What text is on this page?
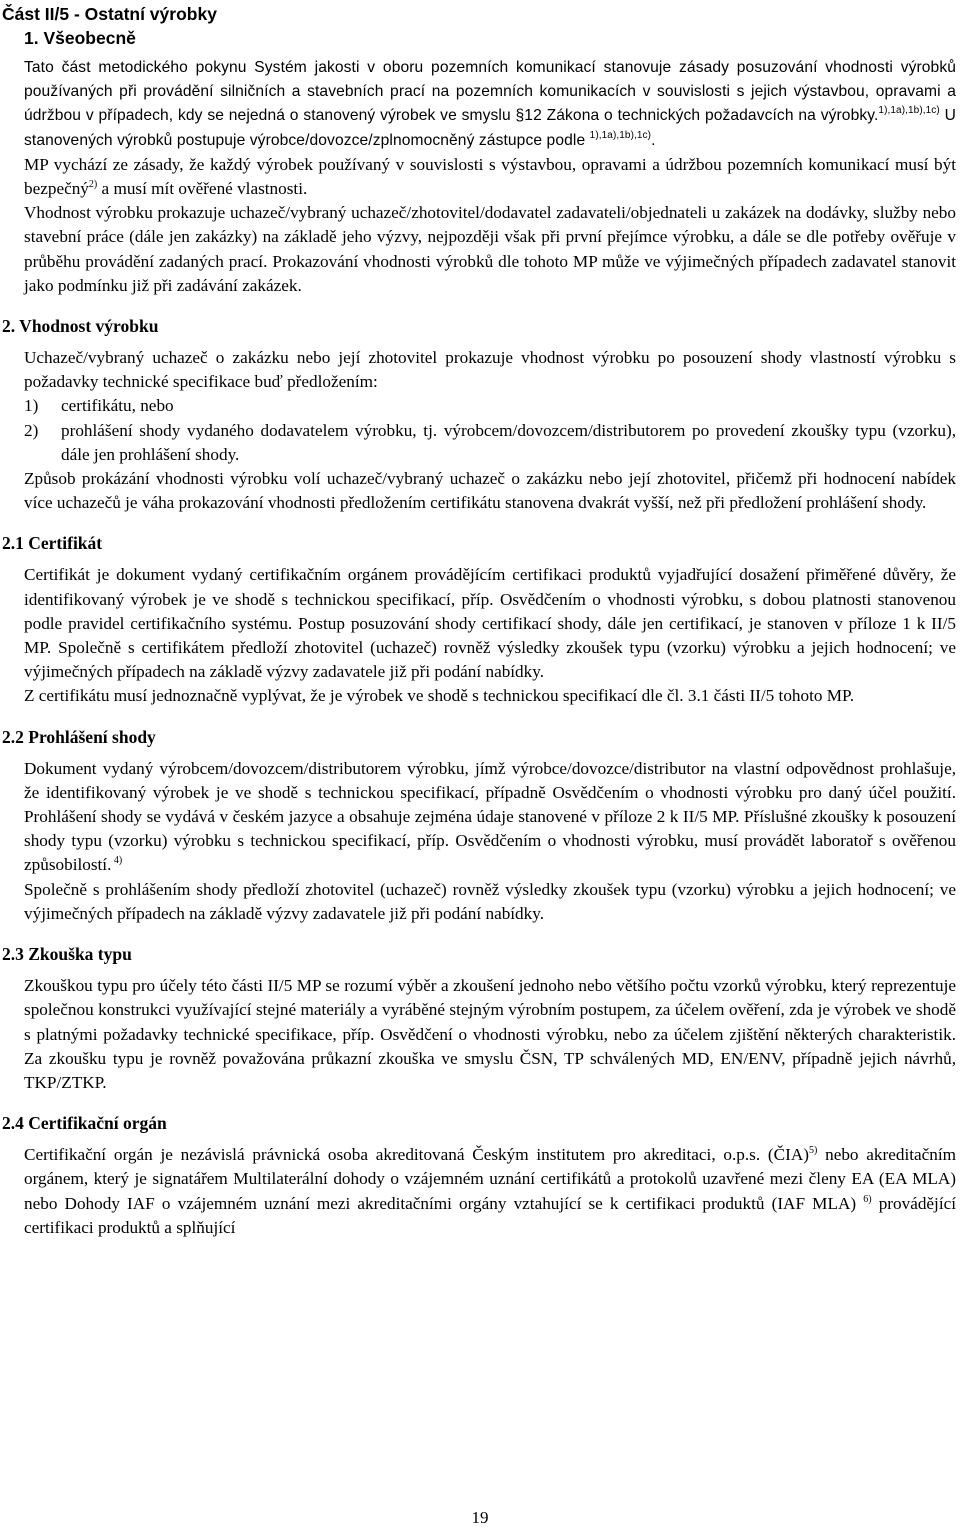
Část II/5 - Ostatní výrobky
1. Všeobecně

Tato část metodického pokynu Systém jakosti v oboru pozemních komunikací stanovuje zásady posuzování vhodnosti výrobků používaných při provádění silničních a stavebních prací na pozemních komunikacích v souvislosti s jejich výstavbou, opravami a údržbou v případech, kdy se nejedná o stanovený výrobek ve smyslu §12 Zákona o technických požadavcích na výrobky.$^{1),1a),1b),1c)}$ U stanovených výrobků postupuje výrobce/dovozce/zplnomocněný zástupce podle $^{1),1a),1b),1c)}$.

MP vychází ze zásady, že každý výrobek používaný v souvislosti s výstavbou, opravami a údržbou pozemních komunikací musí být bezpečný$^{2)}$ a musí mít ověřené vlastnosti.

Vhodnost výrobku prokazuje uchazeč/vybraný uchazeč/zhotovitel/dodavatel zadavateli/objednateli u zakázek na dodávky, služby nebo stavební práce (dále jen zakázky) na základě jeho výzvy, nejpozději však při první přejímce výrobku, a dále se dle potřeby ověřuje v průběhu provádění zadaných prací. Prokazování vhodnosti výrobků dle tohoto MP může ve výjimečných případech zadavatel stanovit jako podmínku již při zadávání zakázek.

2. Vhodnost výrobku

Uchazeč/vybraný uchazeč o zakázku nebo její zhotovitel prokazuje vhodnost výrobku po posouzení shody vlastností výrobku s požadavky technické specifikace buď předložením:

1) certifikátu, nebo
2) prohlášení shody vydaného dodavatelem výrobku, tj. výrobcem/dovozcem/distributorem po provedení zkoušky typu (vzorku), dále jen prohlášení shody.

Způsob prokázání vhodnosti výrobku volí uchazeč/vybraný uchazeč o zakázku nebo její zhotovitel, přičemž při hodnocení nabídek více uchazečů je váha prokazování vhodnosti předložením certifikátu stanovena dvakrát vyšší, než při předložení prohlášení shody.

2.1 Certifikát

Certifikát je dokument vydaný certifikačním orgánem provádějícím certifikaci produktů vyjadřující dosažení přiměřené důvěry, že identifikovaný výrobek je ve shodě s technickou specifikací, příp. Osvědčením o vhodnosti výrobku, s dobou platnosti stanovenou podle pravidel certifikačního systému. Postup posuzování shody certifikací shody, dále jen certifikací, je stanoven v příloze 1 k II/5 MP. Společně s certifikátem předloží zhotovitel (uchazeč) rovněž výsledky zkoušek typu (vzorku) výrobku a jejich hodnocení; ve výjimečných případech na základě výzvy zadavatele již při podání nabídky.

Z certifikátu musí jednoznačně vyplývat, že je výrobek ve shodě s technickou specifikací dle čl. 3.1 části II/5 tohoto MP.

2.2 Prohlášení shody

Dokument vydaný výrobcem/dovozcem/distributorem výrobku, jímž výrobce/dovozce/distributor na vlastní odpovědnost prohlašuje, že identifikovaný výrobek je ve shodě s technickou specifikací, případně Osvědčením o vhodnosti výrobku pro daný účel použití. Prohlášení shody se vydává v českém jazyce a obsahuje zejména údaje stanovené v příloze 2 k II/5 MP. Příslušné zkoušky k posouzení shody typu (vzorku) výrobku s technickou specifikací, příp. Osvědčením o vhodnosti výrobku, musí provádět laboratoř s ověřenou způsobilostí. $^{4)}$

Společně s prohlášením shody předloží zhotovitel (uchazeč) rovněž výsledky zkoušek typu (vzorku) výrobku a jejich hodnocení; ve výjimečných případech na základě výzvy zadavatele již při podání nabídky.

2.3 Zkouška typu

Zkouškou typu pro účely této části II/5 MP se rozumí výběr a zkoušení jednoho nebo většího počtu vzorků výrobku, který reprezentuje společnou konstrukci využívající stejné materiály a vyráběné stejným výrobním postupem, za účelem ověření, zda je výrobek ve shodě s platnými požadavky technické specifikace, příp. Osvědčení o vhodnosti výrobku, nebo za účelem zjištění některých charakteristik. Za zkoušku typu je rovněž považována průkazní zkouška ve smyslu ČSN, TP schválených MD, EN/ENV, případně jejich návrhů, TKP/ZTKP.

2.4 Certifikační orgán

Certifikační orgán je nezávislá právnická osoba akreditovaná Českým institutem pro akreditaci, o.p.s. (ČIA)$^{5)}$ nebo akreditačním orgánem, který je signatářem Multilaterální dohody o vzájemném uznání certifikátů a protokolů uzavřené mezi členy EA (EA MLA) nebo Dohody IAF o vzájemném uznání mezi akreditačními orgány vztahující se k certifikaci produktů (IAF MLA) $^{6)}$ provádějící certifikaci produktů a splňující

19
